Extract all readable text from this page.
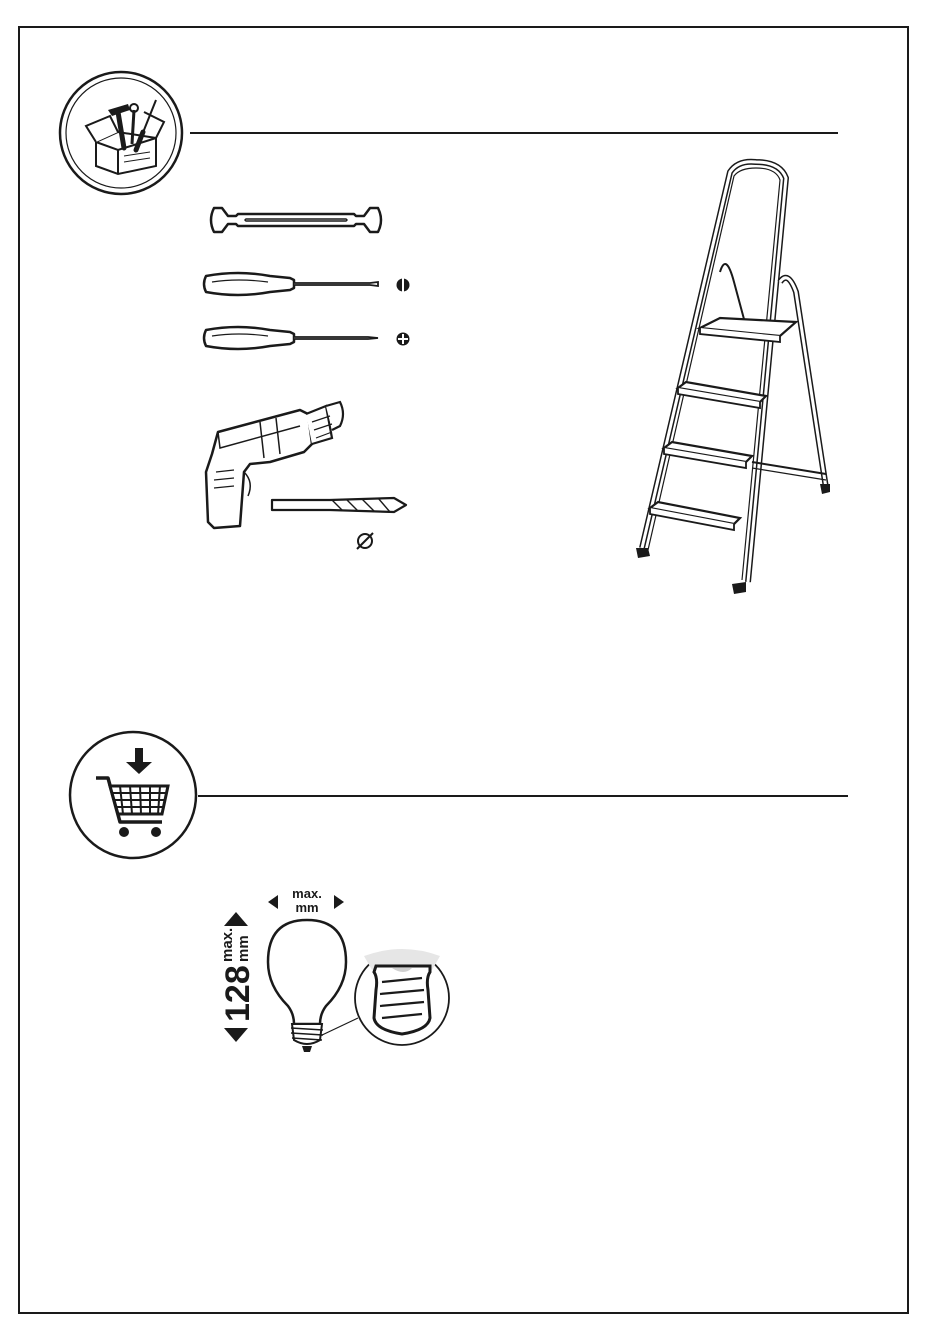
128
max. mm
max.
mm
